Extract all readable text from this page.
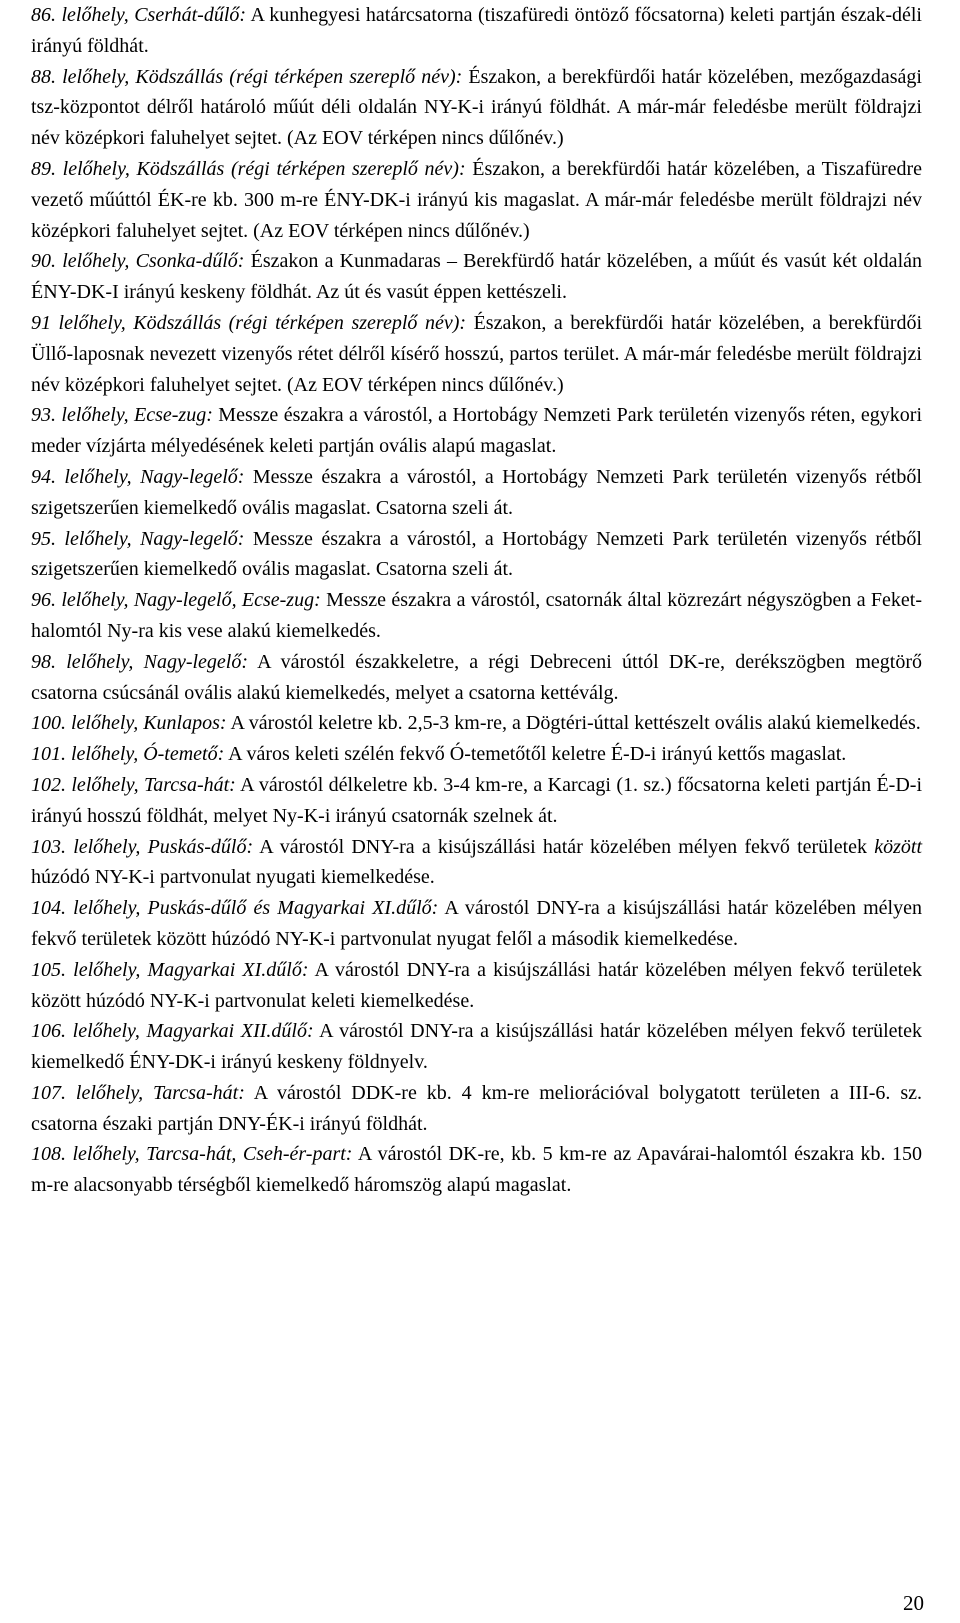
86. lelőhely, Cserhát-dűlő: A kunhegyesi határcsatorna (tiszafüredi öntöző főcsatorna) keleti partján észak-déli irányú földhát.

88. lelőhely, Ködszállás (régi térképen szereplő név): Északon, a berekfürdői határ közelében, mezőgazdasági tsz-központot délről határoló műút déli oldalán NY-K-i irányú földhát. A már-már feledésbe merült földrajzi név középkori faluhelyet sejtet. (Az EOV térképen nincs dűlőnév.)

89. lelőhely, Ködszállás (régi térképen szereplő név): Északon, a berekfürdői határ közelében, a Tiszafüredre vezető műúttól ÉK-re kb. 300 m-re ÉNY-DK-i irányú kis magaslat. A már-már feledésbe merült földrajzi név középkori faluhelyet sejtet. (Az EOV térképen nincs dűlőnév.)

90. lelőhely, Csonka-dűlő: Északon a Kunmadaras – Berekfürdő határ közelében, a műút és vasút két oldalán ÉNY-DK-I irányú keskeny földhát. Az út és vasút éppen kettészeli.

91 lelőhely, Ködszállás (régi térképen szereplő név): Északon, a berekfürdői határ közelében, a berekfürdői Üllő-laposnak nevezett vizenyős rétet délről kísérő hosszú, partos terület. A már-már feledésbe merült földrajzi név középkori faluhelyet sejtet. (Az EOV térképen nincs dűlőnév.)

93. lelőhely, Ecse-zug: Messze északra a várostól, a Hortobágy Nemzeti Park területén vizenyős réten, egykori meder vízjárta mélyedésének keleti partján ovális alapú magaslat.

94. lelőhely, Nagy-legelő: Messze északra a várostól, a Hortobágy Nemzeti Park területén vizenyős rétből szigetszerűen kiemelkedő ovális magaslat. Csatorna szeli át.

95. lelőhely, Nagy-legelő: Messze északra a várostól, a Hortobágy Nemzeti Park területén vizenyős rétből szigetszerűen kiemelkedő ovális magaslat. Csatorna szeli át.

96. lelőhely, Nagy-legelő, Ecse-zug: Messze északra a várostól, csatornák által közrezárt négyszögben a Feket-halomtól Ny-ra kis vese alakú kiemelkedés.

98. lelőhely, Nagy-legelő: A várostól északkeletre, a régi Debreceni úttól DK-re, derékszögben megtörő csatorna csúcsánál ovális alakú kiemelkedés, melyet a csatorna kettéválg.

100. lelőhely, Kunlapos: A várostól keletre kb. 2,5-3 km-re, a Dögtéri-úttal kettészelt ovális alakú kiemelkedés.

101. lelőhely, Ó-temető: A város keleti szélén fekvő Ó-temetőtől keletre É-D-i irányú kettős magaslat.

102. lelőhely, Tarcsa-hát: A várostól délkeletre kb. 3-4 km-re, a Karcagi (1. sz.) főcsatorna keleti partján É-D-i irányú hosszú földhát, melyet Ny-K-i irányú csatornák szelnek át.

103. lelőhely, Puskás-dűlő: A várostól DNY-ra a kisújszállási határ közelében mélyen fekvő területek között húzódó NY-K-i partvonulat nyugati kiemelkedése.

104. lelőhely, Puskás-dűlő és Magyarkai XI.dűlő: A várostól DNY-ra a kisújszállási határ közelében mélyen fekvő területek között húzódó NY-K-i partvonulat nyugat felől a második kiemelkedése.

105. lelőhely, Magyarkai XI.dűlő: A várostól DNY-ra a kisújszállási határ közelében mélyen fekvő területek között húzódó NY-K-i partvonulat keleti kiemelkedése.

106. lelőhely, Magyarkai XII.dűlő: A várostól DNY-ra a kisújszállási határ közelében mélyen fekvő területek kiemelkedő ÉNY-DK-i irányú keskeny földnyelv.

107. lelőhely, Tarcsa-hát: A várostól DDK-re kb. 4 km-re meliorációval bolygatott területen a III-6. sz. csatorna északi partján DNY-ÉK-i irányú földhát.

108. lelőhely, Tarcsa-hát, Cseh-ér-part: A várostól DK-re, kb. 5 km-re az Apavárai-halomtól északra kb. 150 m-re alacsonyabb térségből kiemelkedő háromszög alapú magaslat.

20
